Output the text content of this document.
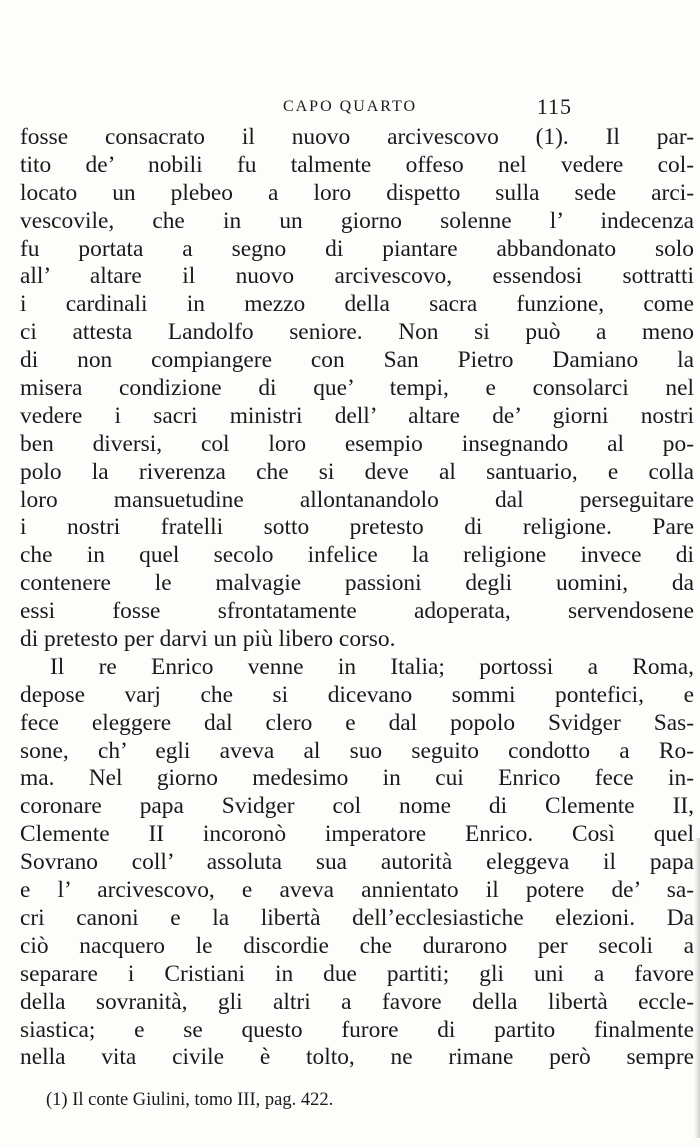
CAPO QUARTO	115
fosse consacrato il nuovo arcivescovo (1). Il par-
tito de’ nobili fu talmente offeso nel vedere col-
locato un plebeo a loro dispetto sulla sede arci-
vescovile, che in un giorno solenne l’ indecenza
fu portata a segno di piantare abbandonato solo
all’ altare il nuovo arcivescovo, essendosi sottratti
i cardinali in mezzo della sacra funzione, come
ci attesta Landolfo seniore. Non si può a meno
di non compiangere con San Pietro Damiano la
misera condizione di que’ tempi, e consolarci nel
vedere i sacri ministri dell’ altare de’ giorni nostri
ben diversi, col loro esempio insegnando al po-
polo la riverenza che si deve al santuario, e colla
loro mansuetudine allontanandolo dal perseguitare
i nostri fratelli sotto pretesto di religione. Pare
che in quel secolo infelice la religione invece di
contenere le malvagie passioni degli uomini, da
essi fosse sfrontatamente adoperata, servendosene
di pretesto per darvi un più libero corso.
Il re Enrico venne in Italia; portossi a Roma,
depose varj che si dicevano sommi pontefici, e
fece eleggere dal clero e dal popolo Svidger Sas-
sone, ch’ egli aveva al suo seguito condotto a Ro-
ma. Nel giorno medesimo in cui Enrico fece in-
coronare papa Svidger col nome di Clemente II,
Clemente II incoronò imperatore Enrico. Così quel
Sovrano coll’ assoluta sua autorità eleggeva il papa
e l’ arcivescovo, e aveva annientato il potere de’ sa-
cri canoni e la libertà dell’ecclesiastiche elezioni. Da
ciò nacquero le discordie che durarono per secoli a
separare i Cristiani in due partiti; gli uni a favore
della sovranità, gli altri a favore della libertà eccle-
siastica; e se questo furore di partito finalmente
nella vita civile è tolto, ne rimane però sempre
(1) Il conte Giulini, tomo III, pag. 422.
